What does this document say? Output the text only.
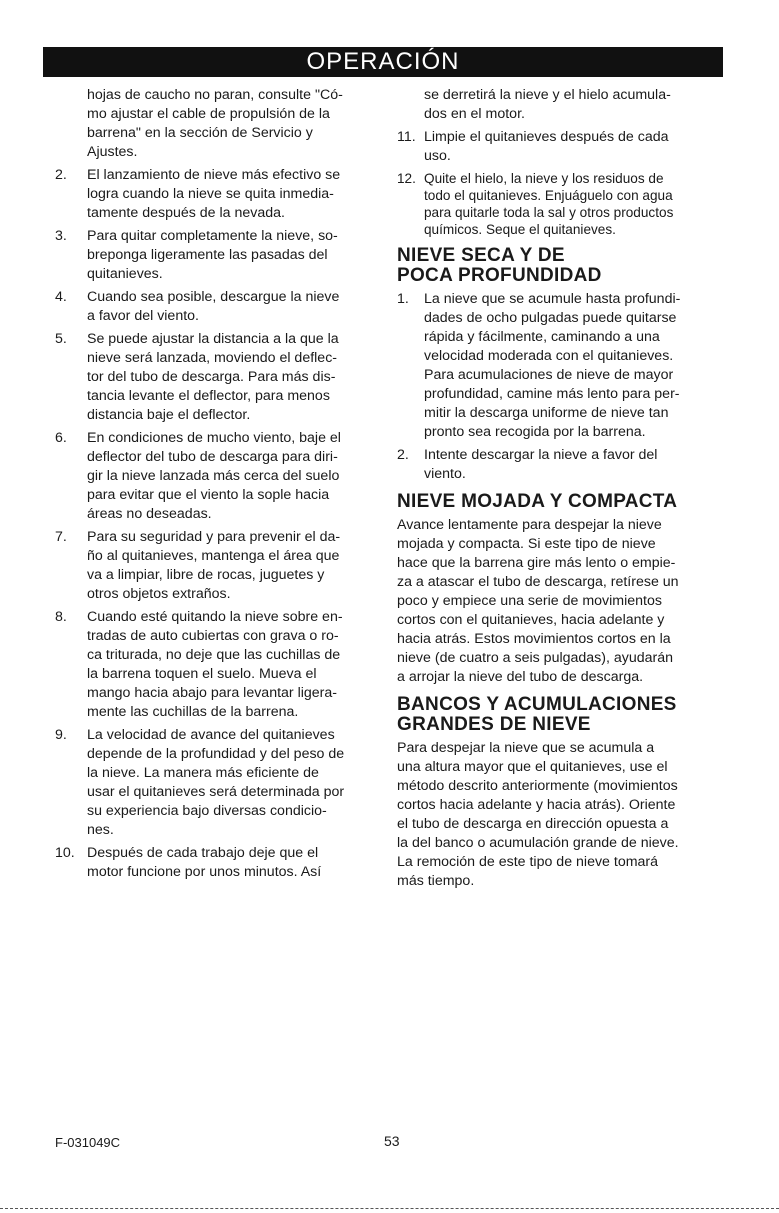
OPERACIÓN

hojas de caucho no paran, consulte "Có-
mo ajustar el cable de propulsión de la
barrena" en la sección de Servicio y
Ajustes.

2.	El lanzamiento de nieve más efectivo se
logra cuando la nieve se quita inmedia-
tamente después de la nevada.
3.	Para quitar completamente la nieve, so-
breponga ligeramente las pasadas del
quitanieves.
4.	Cuando sea posible, descargue la nieve
a favor del viento.
5.	Se puede ajustar la distancia a la que la
nieve será lanzada, moviendo el deflec-
tor del tubo de descarga. Para más dis-
tancia levante el deflector, para menos
distancia baje el deflector.
6.	En condiciones de mucho viento, baje el
deflector del tubo de descarga para diri-
gir la nieve lanzada más cerca del suelo
para evitar que el viento la sople hacia
áreas no deseadas.
7.	Para su seguridad y para prevenir el da-
ño al quitanieves, mantenga el área que
va a limpiar, libre de rocas, juguetes y
otros objetos extraños.
8.	Cuando esté quitando la nieve sobre en-
tradas de auto cubiertas con grava o ro-
ca triturada, no deje que las cuchillas de
la barrena toquen el suelo. Mueva el
mango hacia abajo para levantar ligera-
mente las cuchillas de la barrena.
9.	La velocidad de avance del quitanieves
depende de la profundidad y del peso de
la nieve. La manera más eficiente de
usar el quitanieves será determinada por
su experiencia bajo diversas condicio-
nes.
10. Después de cada trabajo deje que el
motor funcione por unos minutos. Así

se derretirá la nieve y el hielo acumula-
dos en el motor.

11. Limpie el quitanieves después de cada
uso.
12. Quite el hielo, la nieve y los residuos de
todo el quitanieves. Enjuáguelo con agua
para quitarle toda la sal y otros productos
químicos. Seque el quitanieves.
NIEVE SECA Y DE
POCA PROFUNDIDAD
1.	La nieve que se acumule hasta profundi-
dades de ocho pulgadas puede quitarse
rápida y fácilmente, caminando a una
velocidad moderada con el quitanieves.
Para acumulaciones de nieve de mayor
profundidad, camine más lento para per-
mitir la descarga uniforme de nieve tan
pronto sea recogida por la barrena.
2.	Intente descargar la nieve a favor del
viento.
NIEVE MOJADA Y COMPACTA

Avance lentamente para despejar la nieve
mojada y compacta. Si este tipo de nieve
hace que la barrena gire más lento o empie-
za a atascar el tubo de descarga, retírese un
poco y empiece una serie de movimientos
cortos con el quitanieves, hacia adelante y
hacia atrás. Estos movimientos cortos en la
nieve (de cuatro a seis pulgadas), ayudarán
a arrojar la nieve del tubo de descarga.

BANCOS Y ACUMULACIONES
GRANDES DE NIEVE

Para despejar la nieve que se acumula a
una altura mayor que el quitanieves, use el
método descrito anteriormente (movimientos
cortos hacia adelante y hacia atrás). Oriente
el tubo de descarga en dirección opuesta a
la del banco o acumulación grande de nieve.
La remoción de este tipo de nieve tomará
más tiempo.

F-031049C	53
